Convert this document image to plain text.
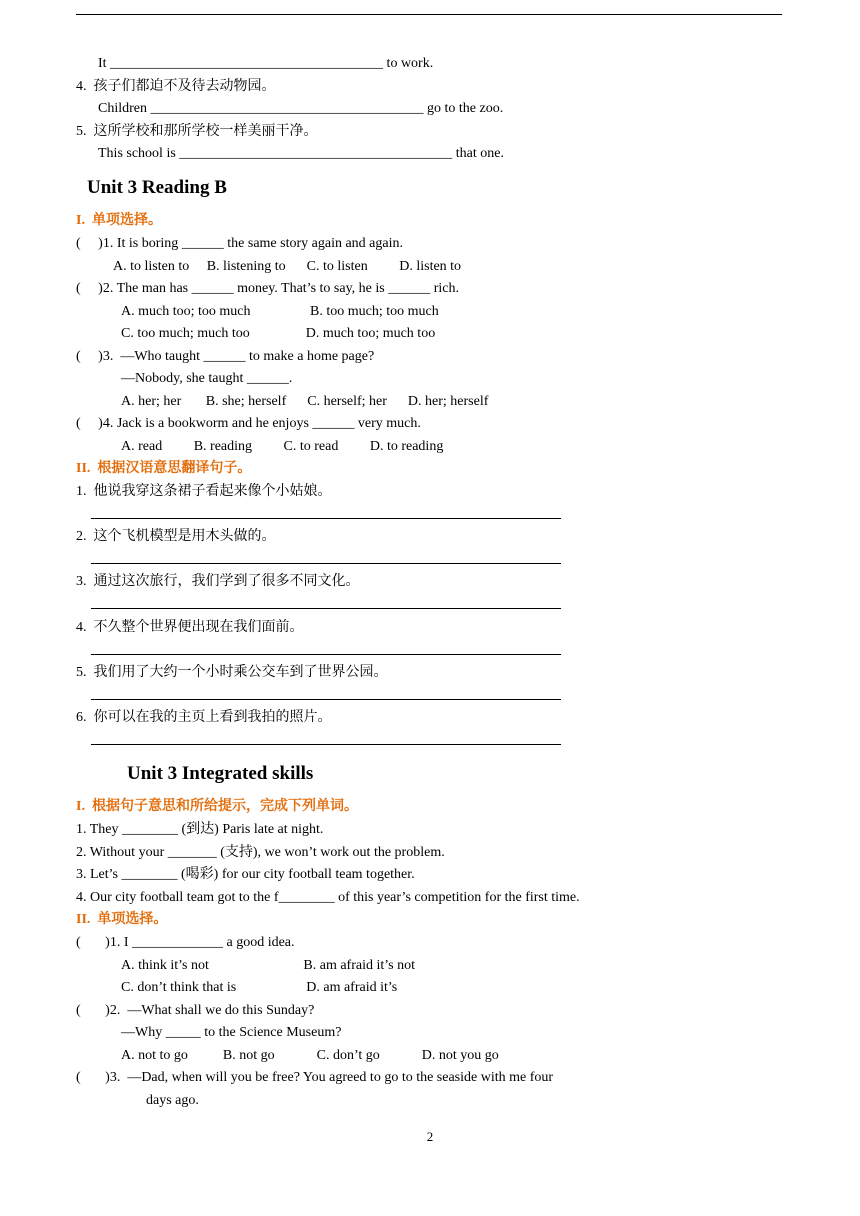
It _______________________________________ to work.
4.  孩子们都迫不及待去动物园。
Children _______________________________________ go to the zoo.
5.  这所学校和那所学校一样美丽干净。
This school is _______________________________________ that one.
Unit 3 Reading B
I.  单项选择。
(     )1. It is boring ______ the same story again and again.
A. to listen to     B. listening to      C. to listen         D. listen to
(     )2. The man has ______ money. That’s to say, he is ______ rich.
A. much too; too much                 B. too much; too much
C. too much; much too                D. much too; much too
(     )3.  —Who taught ______ to make a home page?
—Nobody, she taught ______.
A. her; her       B. she; herself      C. herself; her      D. her; herself
(     )4. Jack is a bookworm and he enjoys ______ very much.
A. read         B. reading         C. to read         D. to reading
II.  根据汉语意思翻译句子。
1.  他说我穿这条裙子看起来像个小姑娘。
2.  这个飞机模型是用木头做的。
3.  通过这次旅行，我们学到了很多不同文化。
4.  不久整个世界便出现在我们面前。
5.  我们用了大约一个小时乘公交车到了世界公园。
6.  你可以在我的主页上看到我拍的照片。
Unit 3 Integrated skills
I.  根据句子意思和所给提示，完成下列单词。
1. They ________ (到达) Paris late at night.
2. Without your _______ (支持), we won’t work out the problem.
3. Let’s ________ (喝彩) for our city football team together.
4. Our city football team got to the f________ of this year’s competition for the first time.
II.  单项选择。
(       )1. I _____________ a good idea.
A. think it’s not                           B. am afraid it’s not
C. don’t think that is                    D. am afraid it’s
(       )2.  —What shall we do this Sunday?
—Why _____ to the Science Museum?
A. not to go          B. not go            C. don’t go            D. not you go
(       )3.  —Dad, when will you be free? You agreed to go to the seaside with me four
days ago.
2
